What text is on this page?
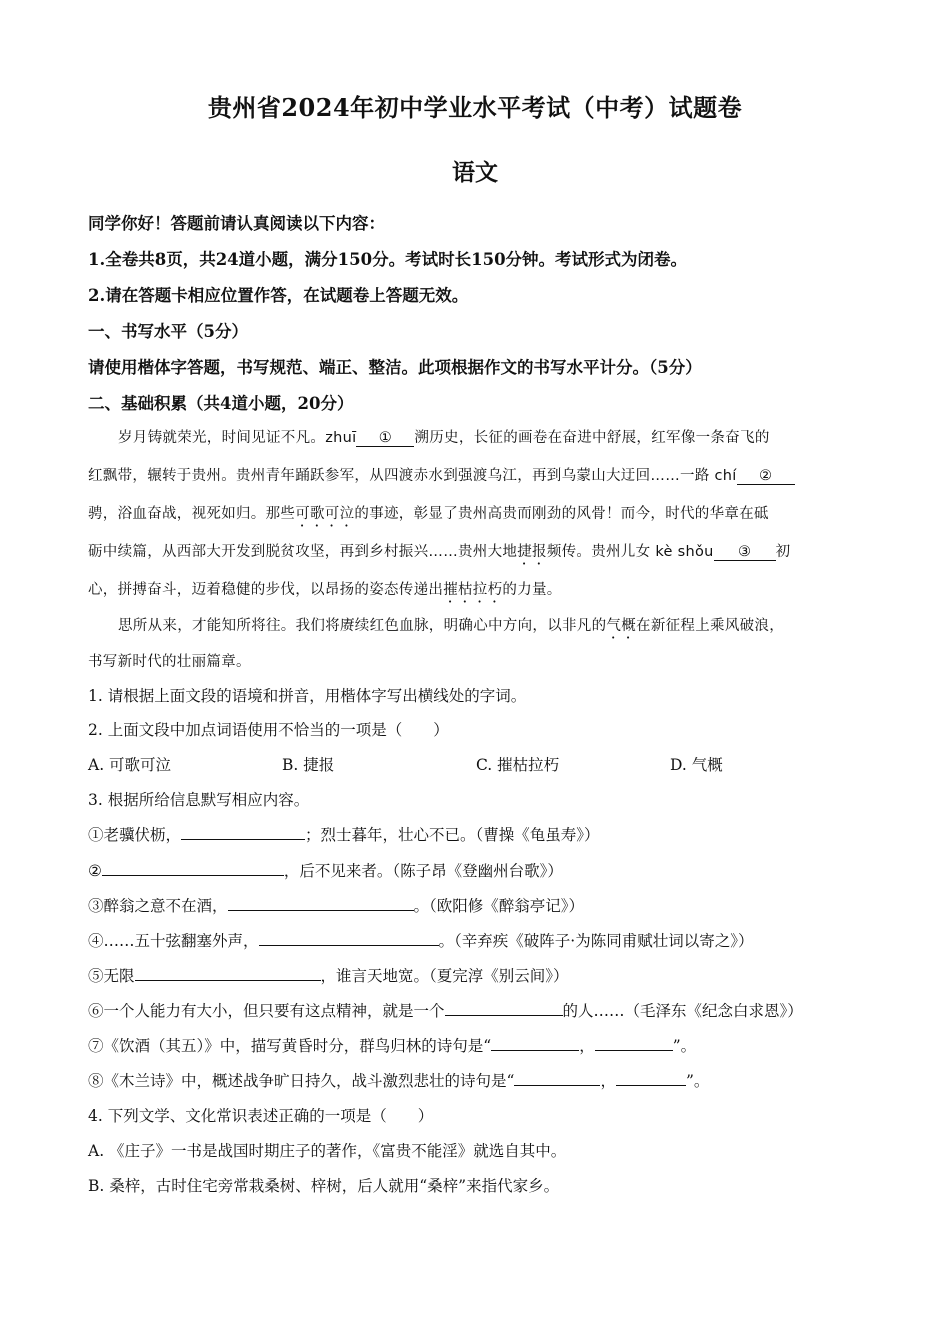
贵州省2024年初中学业水平考试（中考）试题卷
语文
同学你好！答题前请认真阅读以下内容：
1.全卷共8页，共24道小题，满分150分。考试时长150分钟。考试形式为闭卷。
2.请在答题卡相应位置作答，在试题卷上答题无效。
一、书写水平（5分）
请使用楷体字答题，书写规范、端正、整洁。此项根据作文的书写水平计分。（5分）
二、基础积累（共4道小题，20分）
岁月铸就荣光，时间见证不凡。zhuī ① 溯历史，长征的画卷在奋进中舒展，红军像一条奋飞的
红飘带，辗转于贵州。贵州青年踊跃参军，从四渡赤水到强渡乌江，再到乌蒙山大迂回……一路 chí ②
骋，浴血奋战，视死如归。那些可歌可泣的事迹，彰显了贵州高贵而刚劲的风骨！而今，时代的华章在砥
砺中续篇，从西部大开发到脱贫攻坚，再到乡村振兴……贵州大地捷报频传。贵州儿女 kè shǒu ③ 初
心，拼搏奋斗，迈着稳健的步伐，以昂扬的姿态传递出摧枯拉朽的力量。
思所从来，才能知所将往。我们将赓续红色血脉，明确心中方向，以非凡的气概在新征程上乘风破浪，
书写新时代的壮丽篇章。
1. 请根据上面文段的语境和拼音，用楷体字写出横线处的字词。
2. 上面文段中加点词语使用不恰当的一项是（　　）
A. 可歌可泣	B. 捷报	C. 摧枯拉朽	D. 气概
3. 根据所给信息默写相应内容。
①老骥伏枥，	；烈士暮年，壮心不已。（曹操《龟虽寿》）
②	，后不见来者。（陈子昂《登幽州台歌》）
③醉翁之意不在酒，	。（欧阳修《醉翁亭记》）
④……五十弦翻塞外声，	。（辛弃疾《破阵子·为陈同甫赋壮词以寄之》）
⑤无限	，谁言天地宽。（夏完淳《别云间》）
⑥一个人能力有大小，但只要有这点精神，就是一个	的人……（毛泽东《纪念白求恩》）
⑦《饮酒（其五）》中，描写黄昏时分，群鸟归林的诗句是“	，	”。
⑧《木兰诗》中，概述战争旷日持久，战斗激烈悲壮的诗句是“	，	”。
4. 下列文学、文化常识表述正确的一项是（　　）
A. 《庄子》一书是战国时期庄子的著作，《富贵不能淫》就选自其中。
B. 桑梓，古时住宅旁常栽桑树、梓树，后人就用“桑梓”来指代家乡。
